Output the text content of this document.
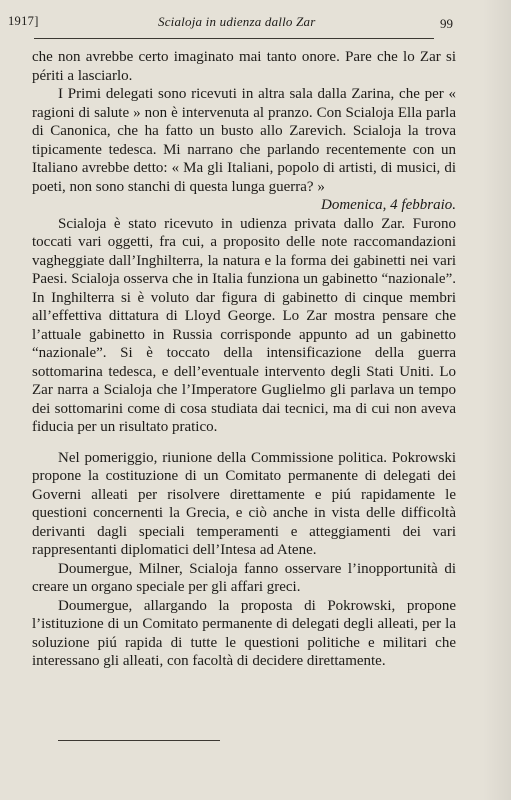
1917]	Scialoja in udienza dallo Zar	99

che non avrebbe certo imaginato mai tanto onore. Pare che lo Zar si périti a lasciarlo.

I Primi delegati sono ricevuti in altra sala dalla Zarina, che per « ragioni di salute » non è intervenuta al pranzo. Con Scialoja Ella parla di Canonica, che ha fatto un busto allo Zarevich. Scialoja la trova tipicamente tedesca. Mi narrano che parlando recentemente con un Italiano avrebbe detto: « Ma gli Italiani, popolo di artisti, di musici, di poeti, non sono stanchi di questa lunga guerra? »

Domenica, 4 febbraio.

Scialoja è stato ricevuto in udienza privata dallo Zar. Furono toccati vari oggetti, fra cui, a proposito delle note raccomandazioni vagheggiate dall’Inghilterra, la natura e la forma dei gabinetti nei vari Paesi. Scialoja osserva che in Italia funziona un gabinetto “nazionale”. In Inghilterra si è voluto dar figura di gabinetto di cinque membri all’effettiva dittatura di Lloyd George. Lo Zar mostra pensare che l’attuale gabinetto in Russia corrisponde appunto ad un gabinetto “nazionale”. Si è toccato della intensificazione della guerra sottomarina tedesca, e dell’eventuale intervento degli Stati Uniti. Lo Zar narra a Scialoja che l’Imperatore Guglielmo gli parlava un tempo dei sottomarini come di cosa studiata dai tecnici, ma di cui non aveva fiducia per un risultato pratico.

Nel pomeriggio, riunione della Commissione politica. Pokrowski propone la costituzione di un Comitato permanente di delegati dei Governi alleati per risolvere direttamente e piú rapidamente le questioni concernenti la Grecia, e ciò anche in vista delle difficoltà derivanti dagli speciali temperamenti e atteggiamenti dei vari rappresentanti diplomatici dell’Intesa ad Atene.

Doumergue, Milner, Scialoja fanno osservare l’inopportunità di creare un organo speciale per gli affari greci.

Doumergue, allargando la proposta di Pokrowski, propone l’istituzione di un Comitato permanente di delegati degli alleati, per la soluzione piú rapida di tutte le questioni politiche e militari che interessano gli alleati, con facoltà di decidere direttamente.
